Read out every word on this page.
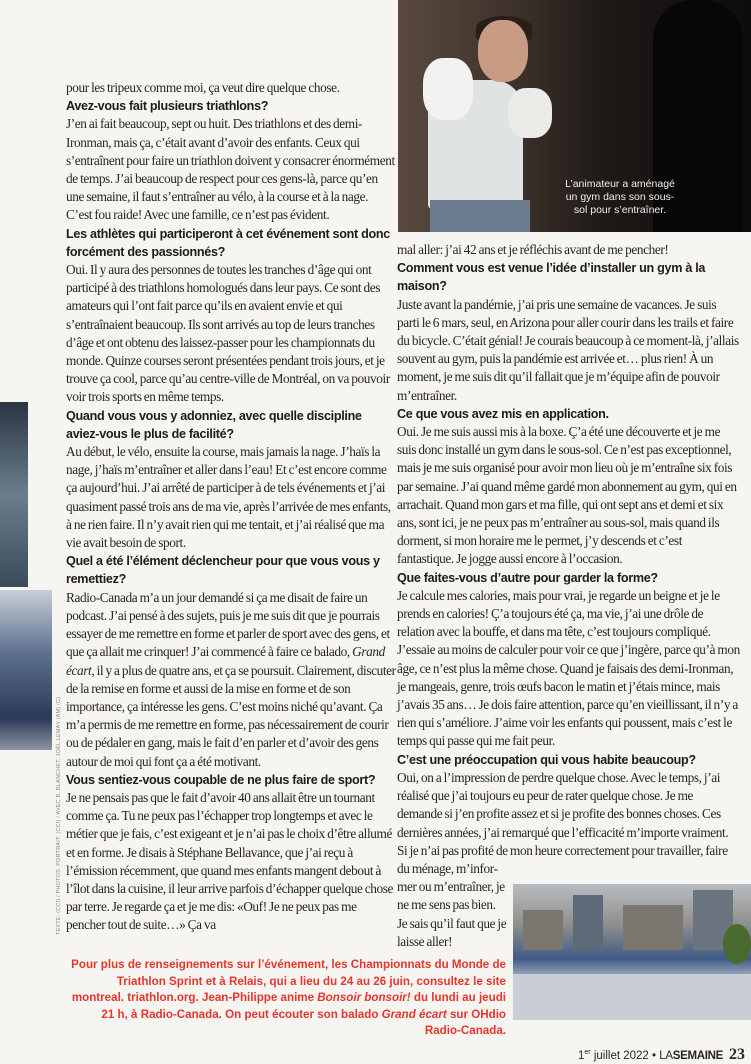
L’animateur a aménagé un gym dans son sous-sol pour s’entraîner.
TEXTE: (CCI) / PHOTOS: PORTRAIT: (CCI) / AVEC B. BLANCHET, JOËL LEMAY (AM) (C)

pour les tripeux comme moi, ça veut dire quelque chose.

Avez-vous fait plusieurs triathlons?

J’en ai fait beaucoup, sept ou huit. Des triathlons et des demi-Ironman, mais ça, c’était avant d’avoir des enfants. Ceux qui s’entraînent pour faire un triathlon doivent y consacrer énormément de temps. J’ai beaucoup de respect pour ces gens-là, parce qu’en une semaine, il faut s’entraîner au vélo, à la course et à la nage. C’est fou raide! Avec une famille, ce n’est pas évident.

Les athlètes qui participeront à cet événement sont donc forcément des passionnés?

Oui. Il y aura des personnes de toutes les tranches d’âge qui ont participé à des triathlons homologués dans leur pays. Ce sont des amateurs qui l’ont fait parce qu’ils en avaient envie et qui s’entraînaient beaucoup. Ils sont arrivés au top de leurs tranches d’âge et ont obtenu des laissez-passer pour les championnats du monde. Quinze courses seront présentées pendant trois jours, et je trouve ça cool, parce qu’au centre-ville de Montréal, on va pouvoir voir trois sports en même temps.

Quand vous vous y adonniez, avec quelle discipline aviez-vous le plus de facilité?

Au début, le vélo, ensuite la course, mais jamais la nage. J’haïs la nage, j’haïs m’entraîner et aller dans l’eau! Et c’est encore comme ça aujourd’hui. J’ai arrêté de participer à de tels événements et j’ai quasiment passé trois ans de ma vie, après l’arrivée de mes enfants, à ne rien faire. Il n’y avait rien qui me tentait, et j’ai réalisé que ma vie avait besoin de sport.

Quel a été l’élément déclencheur pour que vous vous y remettiez?

Radio-Canada m’a un jour demandé si ça me disait de faire un podcast. J’ai pensé à des sujets, puis je me suis dit que je pourrais essayer de me remettre en forme et parler de sport avec des gens, et que ça allait me crinquer! J’ai commencé à faire ce balado, Grand écart, il y a plus de quatre ans, et ça se poursuit. Clairement, discuter de la remise en forme et aussi de la mise en forme et de son importance, ça intéresse les gens. C’est moins niché qu’avant. Ça m’a permis de me remettre en forme, pas nécessairement de courir ou de pédaler en gang, mais le fait d’en parler et d’avoir des gens autour de moi qui font ça a été motivant.

Vous sentiez-vous coupable de ne plus faire de sport?

Je ne pensais pas que le fait d’avoir 40 ans allait être un tournant comme ça. Tu ne peux pas l’échapper trop longtemps et avec le métier que je fais, c’est exigeant et je n’ai pas le choix d’être allumé et en forme. Je disais à Stéphane Bellavance, que j’ai reçu à l’émission récemment, que quand mes enfants mangent debout à l’îlot dans la cuisine, il leur arrive parfois d’échapper quelque chose par terre. Je regarde ça et je me dis: «Ouf! Je ne peux pas me pencher tout de suite…» Ça va

mal aller: j’ai 42 ans et je réfléchis avant de me pencher!

Comment vous est venue l’idée d’installer un gym à la maison?

Juste avant la pandémie, j’ai pris une semaine de vacances. Je suis parti le 6 mars, seul, en Arizona pour aller courir dans les trails et faire du bicycle. C’était génial! Je courais beaucoup à ce moment-là, j’allais souvent au gym, puis la pandémie est arrivée et… plus rien! À un moment, je me suis dit qu’il fallait que je m’équipe afin de pouvoir m’entraîner.

Ce que vous avez mis en application.

Oui. Je me suis aussi mis à la boxe. Ç’a été une découverte et je me suis donc installé un gym dans le sous-sol. Ce n’est pas exceptionnel, mais je me suis organisé pour avoir mon lieu où je m’entraîne six fois par semaine. J’ai quand même gardé mon abonnement au gym, qui en arrachait. Quand mon gars et ma fille, qui ont sept ans et demi et six ans, sont ici, je ne peux pas m’entraîner au sous-sol, mais quand ils dorment, si mon horaire me le permet, j’y descends et c’est fantastique. Je jogge aussi encore à l’occasion.

Que faites-vous d’autre pour garder la forme?

Je calcule mes calories, mais pour vrai, je regarde un beigne et je le prends en calories! Ç’a toujours été ça, ma vie, j’ai une drôle de relation avec la bouffe, et dans ma tête, c’est toujours compliqué. J’essaie au moins de calculer pour voir ce que j’ingère, parce qu’à mon âge, ce n’est plus la même chose. Quand je faisais des demi-Ironman, je mangeais, genre, trois œufs bacon le matin et j’étais mince, mais j’avais 35 ans… Je dois faire attention, parce qu’en vieillissant, il n’y a rien qui s’améliore. J’aime voir les enfants qui poussent, mais c’est le temps qui passe qui me fait peur.

C’est une préoccupation qui vous habite beaucoup?

Oui, on a l’impression de perdre quelque chose. Avec le temps, j’ai réalisé que j’ai toujours eu peur de rater quelque chose. Je me demande si j’en profite assez et si je profite des bonnes choses. Ces dernières années, j’ai remarqué que l’efficacité m’importe vraiment. Si je n’ai pas profité de mon heure correctement pour travailler, faire du ménage, m’infor-

mer ou m’entraîner, je ne me sens pas bien. Je sais qu’il faut que je laisse aller!

Pour plus de renseignements sur l’événement, les Championnats du Monde de Triathlon Sprint et à Relais, qui a lieu du 24 au 26 juin, consultez le site montreal. triathlon.org. Jean-Philippe anime Bonsoir bonsoir! du lundi au jeudi 21 h, à Radio-Canada. On peut écouter son balado Grand écart sur OHdio Radio-Canada.
1er juillet 2022 • LASEMAINE 23
